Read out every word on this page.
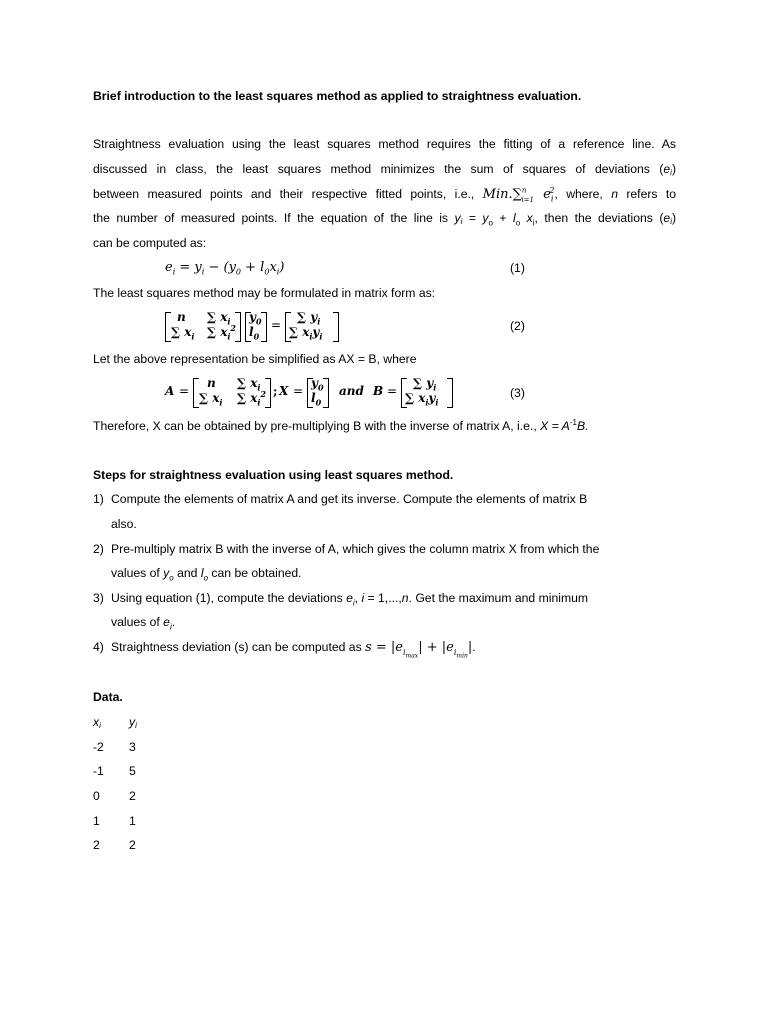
Brief introduction to the least squares method as applied to straightness evaluation.
Straightness evaluation using the least squares method requires the fitting of a reference line. As
discussed in class, the least squares method minimizes the sum of squares of deviations (ei)
between measured points and their respective fitted points, i.e., Min.∑$^n_{i=1}$ $e_i^2$, where, n refers to
the number of measured points. If the equation of the line is yi = $y_o + l_o$ $x_i$, then the deviations (ei)
can be computed as:
$e_i = y_i - (y_0 + l_0x_i)$	(1)
The least squares method may be formulated in matrix form as:
n ∑ $x_i$
∑ $x_i$ ∑ $x_i^2$
$y_0$
$l_0$
=
∑ $y_i$
∑ $x_iy_i$
(2)
Let the above representation be simplified as AX = B, where
A =
n ∑ $x_i$
∑ $x_i$ ∑ $x_i^2$ ; X =
$y_0$
$l_0$
and B =
∑ $y_i$
∑ $x_iy_i$
(3)
Therefore, X can be obtained by pre-multiplying B with the inverse of matrix A, i.e., $X = A^{-1}B$.
Steps for straightness evaluation using least squares method.
1) Compute the elements of matrix A and get its inverse. Compute the elements of matrix B
also.
2) Pre-multiply matrix B with the inverse of A, which gives the column matrix X from which the
values of $y_o$ and $l_o$ can be obtained.
3) Using equation (1), compute the deviations $e_i$, i = 1,...,n. Get the maximum and minimum
values of $e_i$.
4) Straightness deviation (s) can be computed as $s = |e_{i_{max}}| + |e_{i_{min}}|$.
Data.
xi yi
-2 3
-1 5
0 2
1 1
2 2
